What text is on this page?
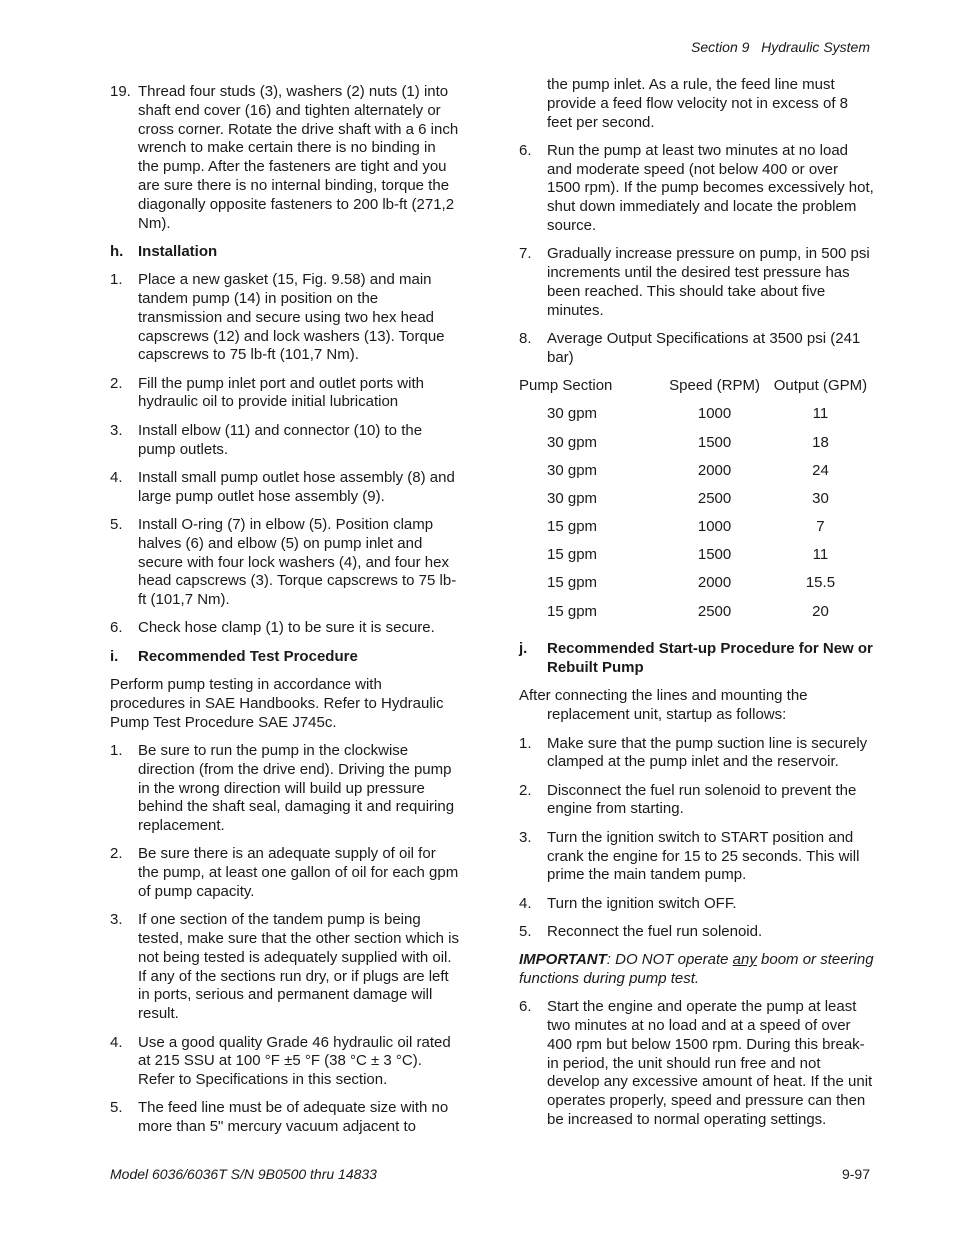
Section 9 Hydraulic System
19. Thread four studs (3), washers (2) nuts (1) into shaft end cover (16) and tighten alternately or cross corner. Rotate the drive shaft with a 6 inch wrench to make certain there is no binding in the pump. After the fasteners are tight and you are sure there is no internal binding, torque the diagonally opposite fasteners to 200 lb-ft (271,2 Nm).
h. Installation
1.	Place a new gasket (15, Fig. 9.58) and main tandem pump (14) in position on the transmission and secure using two hex head capscrews (12) and lock washers (13). Torque capscrews to 75 lb-ft (101,7 Nm).
2.	Fill the pump inlet port and outlet ports with hydraulic oil to provide initial lubrication
3.	Install elbow (11) and connector (10) to the pump outlets.
4.	Install small pump outlet hose assembly (8) and large pump outlet hose assembly (9).
5.	Install O-ring (7) in elbow (5). Position clamp halves (6) and elbow (5) on pump inlet and secure with four lock washers (4), and four hex head capscrews (3). Torque capscrews to 75 lb-ft (101,7 Nm).
6.	Check hose clamp (1) to be sure it is secure.
i.	Recommended Test Procedure
Perform pump testing in accordance with procedures in SAE Handbooks. Refer to Hydraulic Pump Test Procedure SAE J745c.
1.	Be sure to run the pump in the clockwise direction (from the drive end). Driving the pump in the wrong direction will build up pressure behind the shaft seal, damaging it and requiring replacement.
2.	Be sure there is an adequate supply of oil for the pump, at least one gallon of oil for each gpm of pump capacity.
3.	If one section of the tandem pump is being tested, make sure that the other section which is not being tested is adequately supplied with oil. If any of the sections run dry, or if plugs are left in ports, serious and permanent damage will result.
4.	Use a good quality Grade 46 hydraulic oil rated at 215 SSU at 100 °F ±5 °F (38 °C ± 3 °C). Refer to Specifications in this section.
5.	The feed line must be of adequate size with no more than 5" mercury vacuum adjacent to
the pump inlet. As a rule, the feed line must provide a feed flow velocity not in excess of 8 feet per second.
6.	Run the pump at least two minutes at no load and moderate speed (not below 400 or over 1500 rpm). If the pump becomes excessively hot, shut down immediately and locate the problem source.
7.	Gradually increase pressure on pump, in 500 psi increments until the desired test pressure has been reached. This should take about five minutes.
8.	Average Output Specifications at 3500 psi (241 bar)
Pump Section	Speed (RPM)	Output (GPM)
30 gpm	1000	11
30 gpm	1500	18
30 gpm	2000	24
30 gpm	2500	30
15 gpm	1000	7
15 gpm	1500	11
15 gpm	2000	15.5
15 gpm	2500	20
j.	Recommended Start-up Procedure for New or Rebuilt Pump
After connecting the lines and mounting the replacement unit, startup as follows:
1.	Make sure that the pump suction line is securely clamped at the pump inlet and the reservoir.
2.	Disconnect the fuel run solenoid to prevent the engine from starting.
3.	Turn the ignition switch to START position and crank the engine for 15 to 25 seconds. This will prime the main tandem pump.
4.	Turn the ignition switch OFF.
5.	Reconnect the fuel run solenoid.
IMPORTANT: DO NOT operate any boom or steering functions during pump test.
6.	Start the engine and operate the pump at least two minutes at no load and at a speed of over 400 rpm but below 1500 rpm. During this break-in period, the unit should run free and not develop any excessive amount of heat. If the unit operates properly, speed and pressure can then be increased to normal operating settings.
Model 6036/6036T S/N 9B0500 thru 14833	9-97
